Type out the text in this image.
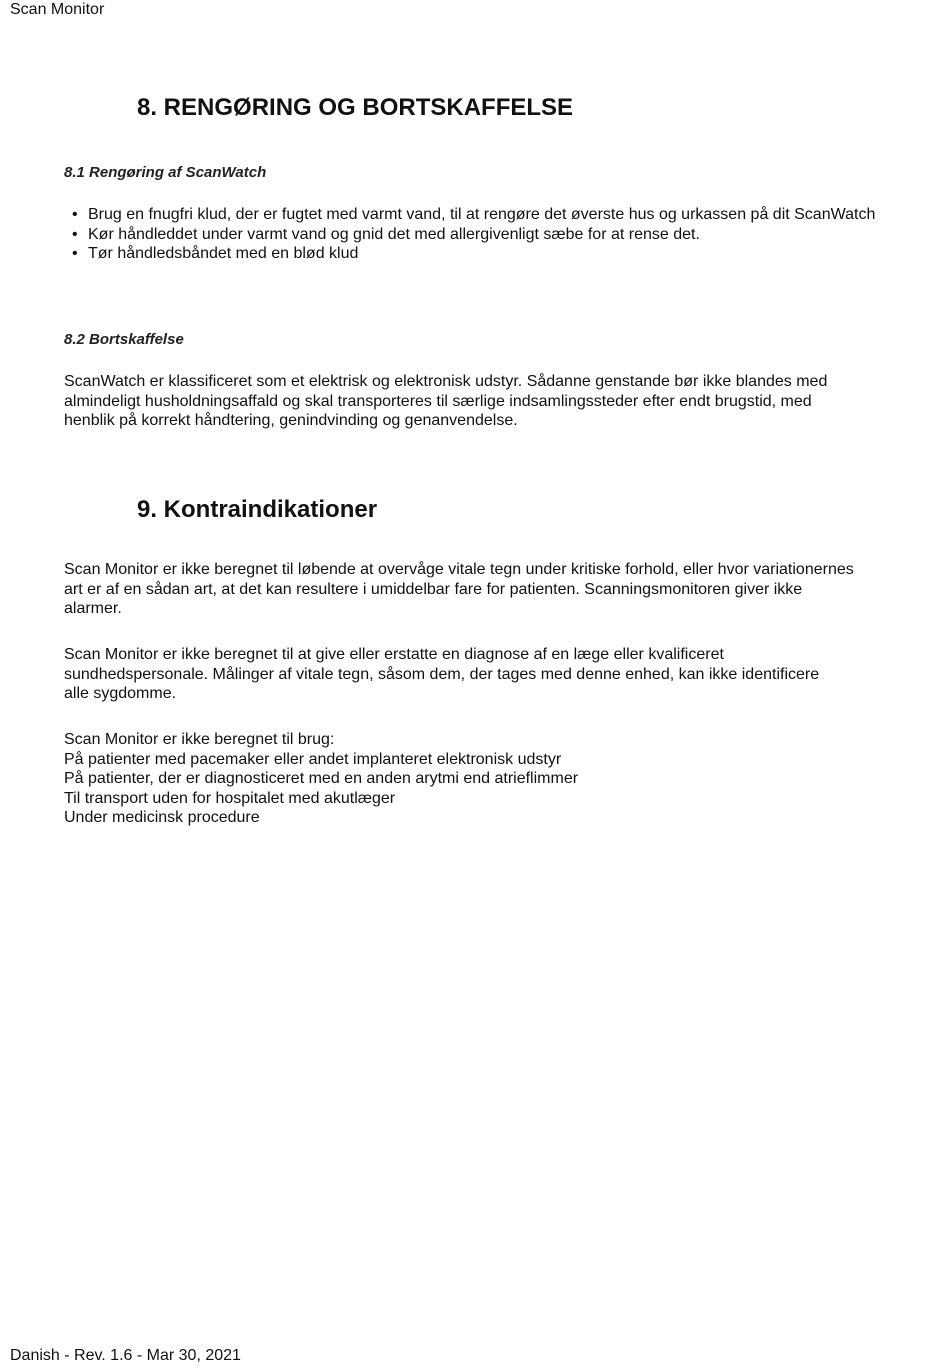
Scan Monitor
8. RENGØRING OG BORTSKAFFELSE
8.1 Rengøring af ScanWatch
• Brug en fnugfri klud, der er fugtet med varmt vand, til at rengøre det øverste hus og urkassen på dit ScanWatch
• Kør håndleddet under varmt vand og gnid det med allergivenligt sæbe for at rense det.
• Tør håndledsbåndet med en blød klud
8.2 Bortskaffelse

ScanWatch er klassificeret som et elektrisk og elektronisk udstyr. Sådanne genstande bør ikke blandes med almindeligt husholdningsaffald og skal transporteres til særlige indsamlingssteder efter endt brugstid, med henblik på korrekt håndtering, genindvinding og genanvendelse.

9. Kontraindikationer

Scan Monitor er ikke beregnet til løbende at overvåge vitale tegn under kritiske forhold, eller hvor variationernes art er af en sådan art, at det kan resultere i umiddelbar fare for patienten. Scanningsmonitoren giver ikke alarmer.

Scan Monitor er ikke beregnet til at give eller erstatte en diagnose af en læge eller kvalificeret sundhedspersonale. Målinger af vitale tegn, såsom dem, der tages med denne enhed, kan ikke identificere alle sygdomme.

Scan Monitor er ikke beregnet til brug:
På patienter med pacemaker eller andet implanteret elektronisk udstyr
På patienter, der er diagnosticeret med en anden arytmi end atrieflimmer
Til transport uden for hospitalet med akutlæger
Under medicinsk procedure
Danish - Rev. 1.6 - Mar 30, 2021
